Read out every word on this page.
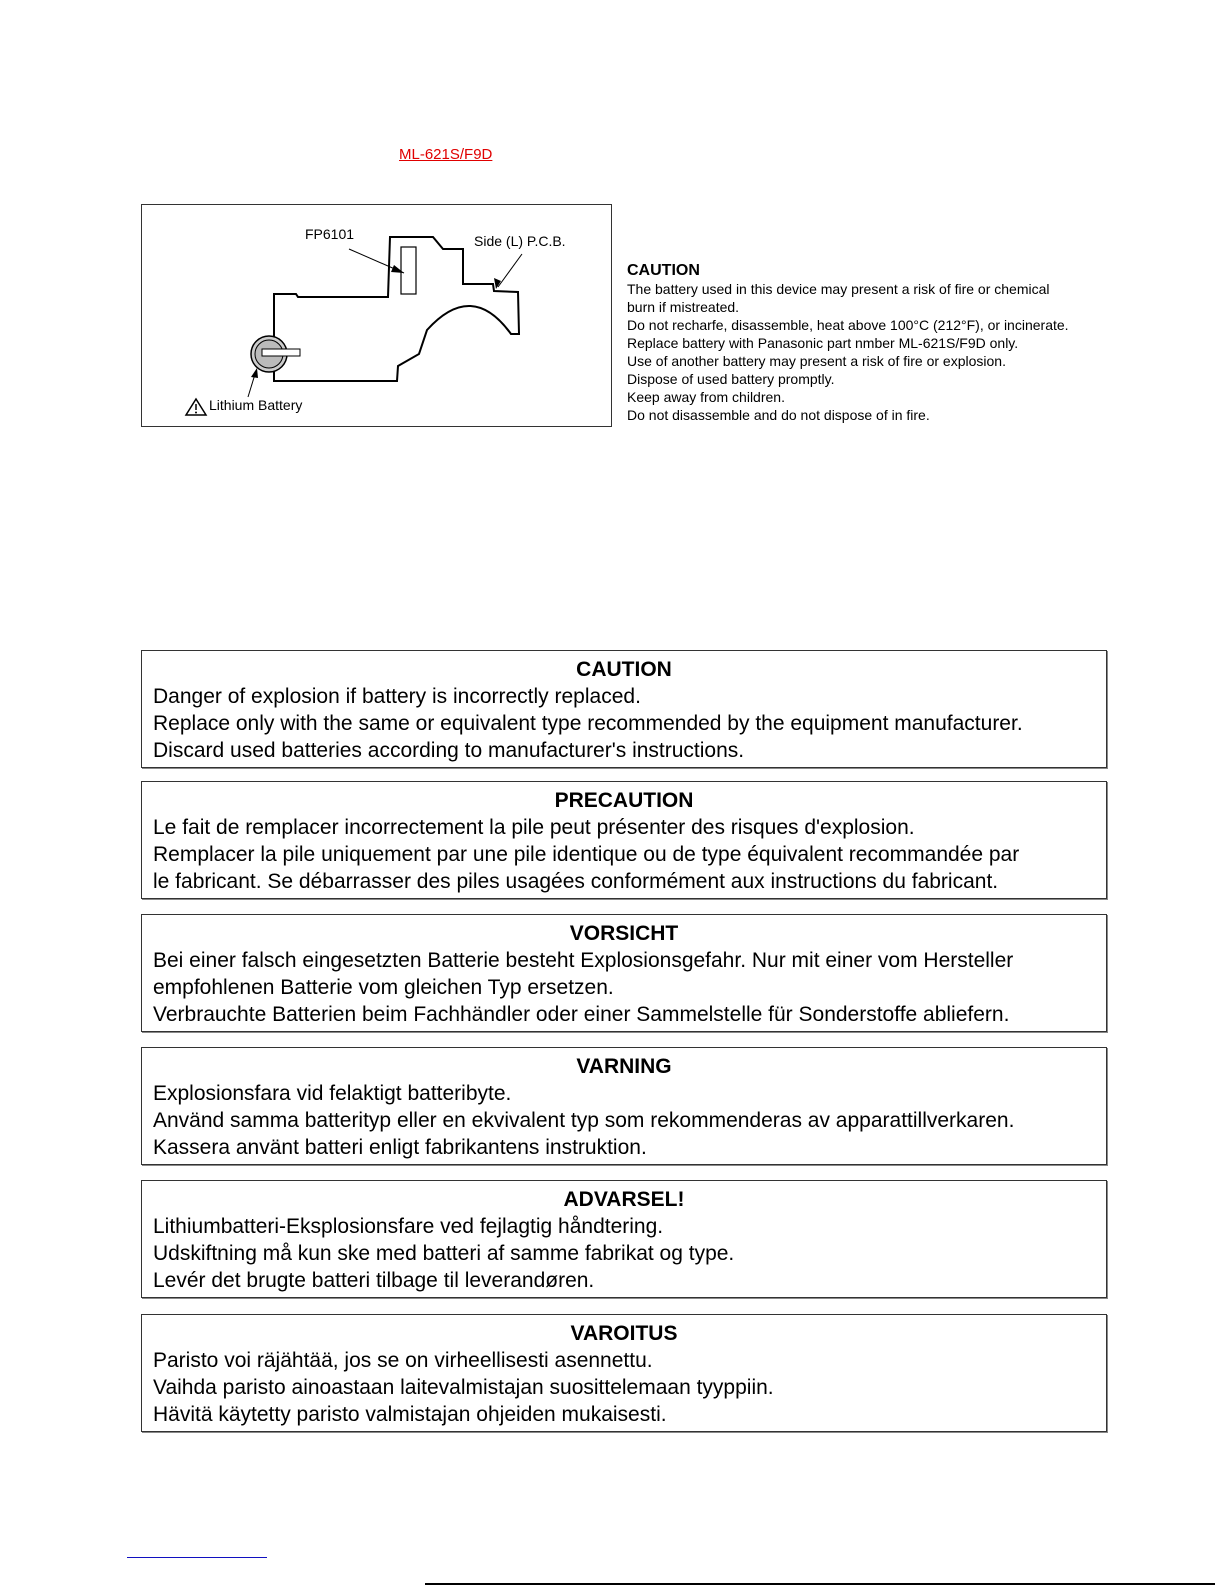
ML-621S/F9D
FP6101	Side (L) P.C.B.
Lithium Battery
CAUTION
The battery used in this device may present a risk of fire or chemical
burn if mistreated.
Do not recharfe, disassemble, heat above 100°C (212°F), or incinerate.
Replace battery with Panasonic part nmber ML-621S/F9D only.
Use of another battery may present a risk of fire or explosion.
Dispose of used battery promptly.
Keep away from children.
Do not disassemble and do not dispose of in fire.
CAUTION
Danger of explosion if battery is incorrectly replaced.
Replace only with the same or equivalent type recommended by the equipment manufacturer.
Discard used batteries according to manufacturer's instructions.
PRECAUTION
Le fait de remplacer incorrectement la pile peut présenter des risques d'explosion.
Remplacer la pile uniquement par une pile identique ou de type équivalent recommandée par
le fabricant. Se débarrasser des piles usagées conformément aux instructions du fabricant.
VORSICHT
Bei einer falsch eingesetzten Batterie besteht Explosionsgefahr. Nur mit einer vom Hersteller
empfohlenen Batterie vom gleichen Typ ersetzen.
Verbrauchte Batterien beim Fachhändler oder einer Sammelstelle für Sonderstoffe abliefern.
VARNING
Explosionsfara vid felaktigt batteribyte.
Använd samma batterityp eller en ekvivalent typ som rekommenderas av apparattillverkaren.
Kassera använt batteri enligt fabrikantens instruktion.
ADVARSEL!
Lithiumbatteri-Eksplosionsfare ved fejlagtig håndtering.
Udskiftning må kun ske med batteri af samme fabrikat og type.
Levér det brugte batteri tilbage til leverandøren.
VAROITUS
Paristo voi räjähtää, jos se on virheellisesti asennettu.
Vaihda paristo ainoastaan laitevalmistajan suosittelemaan tyyppiin.
Hävitä käytetty paristo valmistajan ohjeiden mukaisesti.
